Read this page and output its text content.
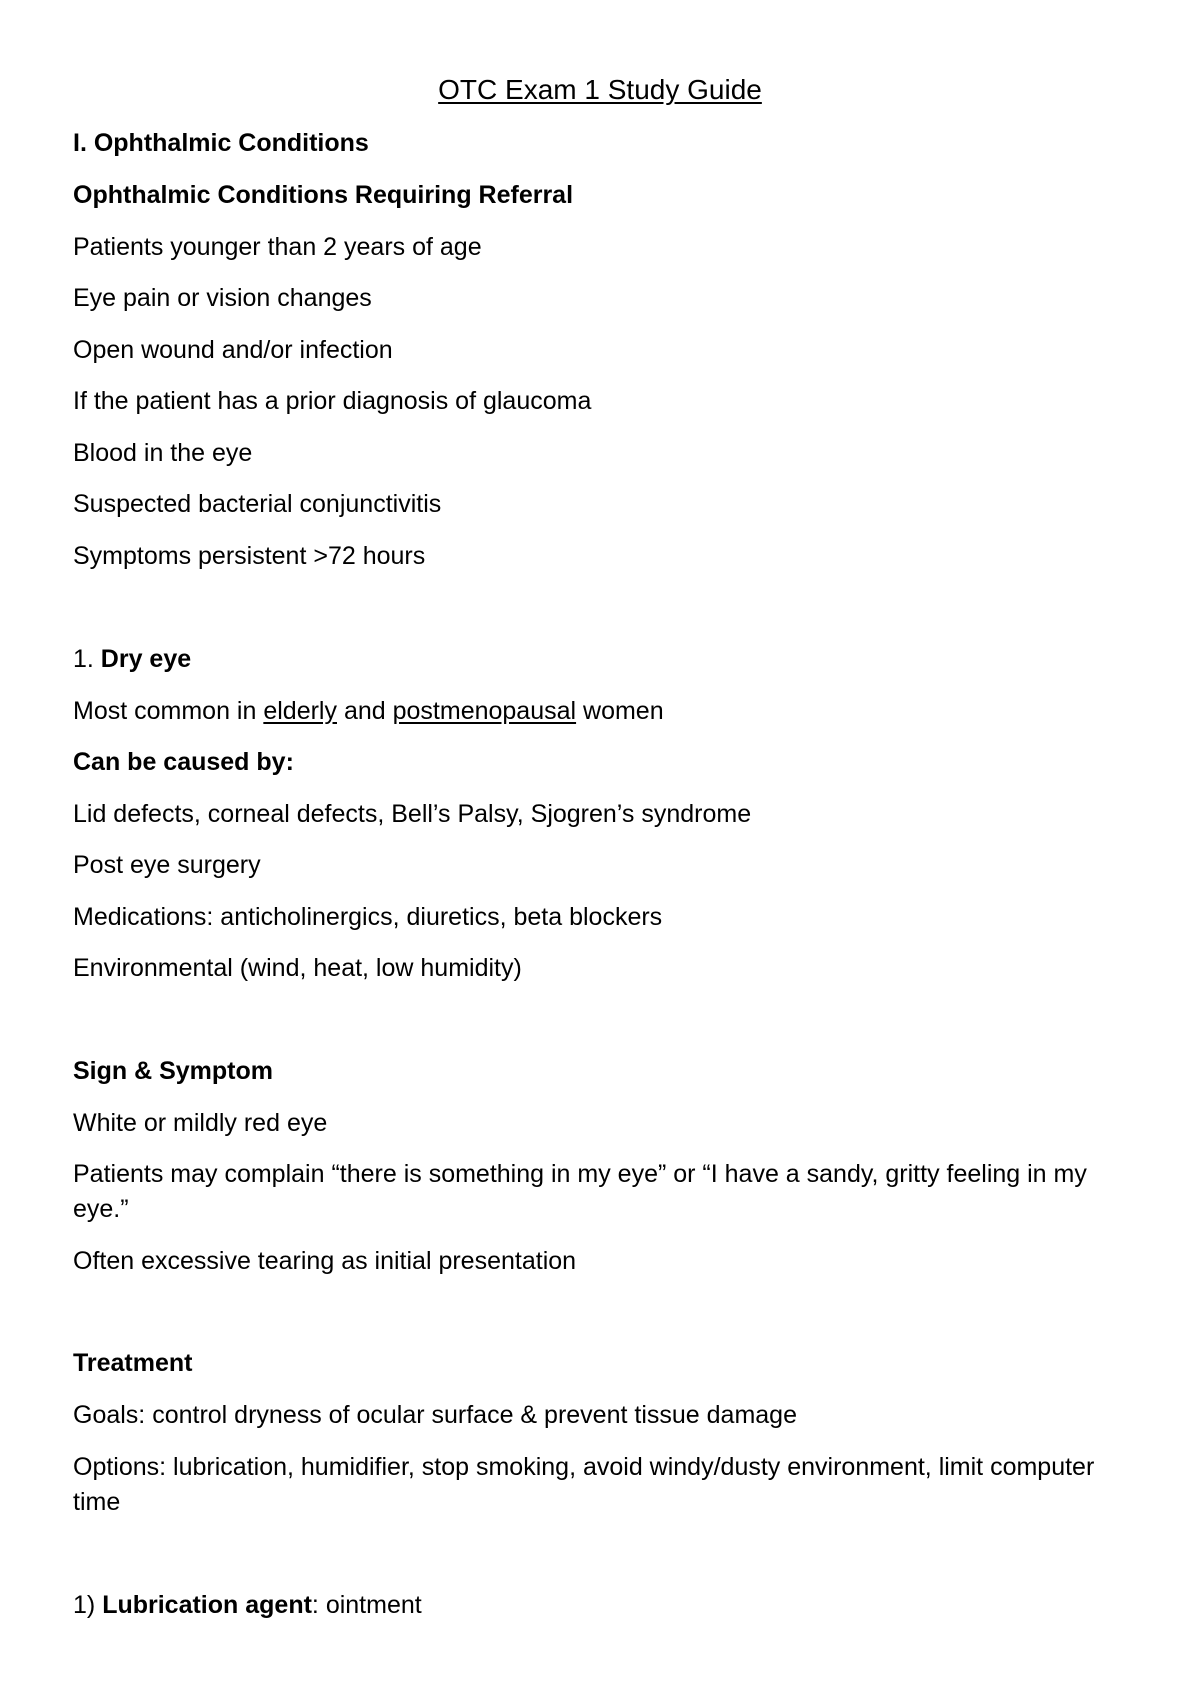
OTC Exam 1 Study Guide
I. Ophthalmic Conditions
Ophthalmic Conditions Requiring Referral
Patients younger than 2 years of age
Eye pain or vision changes
Open wound and/or infection
If the patient has a prior diagnosis of glaucoma
Blood in the eye
Suspected bacterial conjunctivitis
Symptoms persistent >72 hours
1. Dry eye
Most common in elderly and postmenopausal women
Can be caused by:
Lid defects, corneal defects, Bell’s Palsy, Sjogren’s syndrome
Post eye surgery
Medications: anticholinergics, diuretics, beta blockers
Environmental (wind, heat, low humidity)
Sign & Symptom
White or mildly red eye
Patients may complain “there is something in my eye” or “I have a sandy, gritty feeling in my eye.”
Often excessive tearing as initial presentation
Treatment
Goals: control dryness of ocular surface & prevent tissue damage
Options: lubrication, humidifier, stop smoking, avoid windy/dusty environment, limit computer time
1) Lubrication agent: ointment
